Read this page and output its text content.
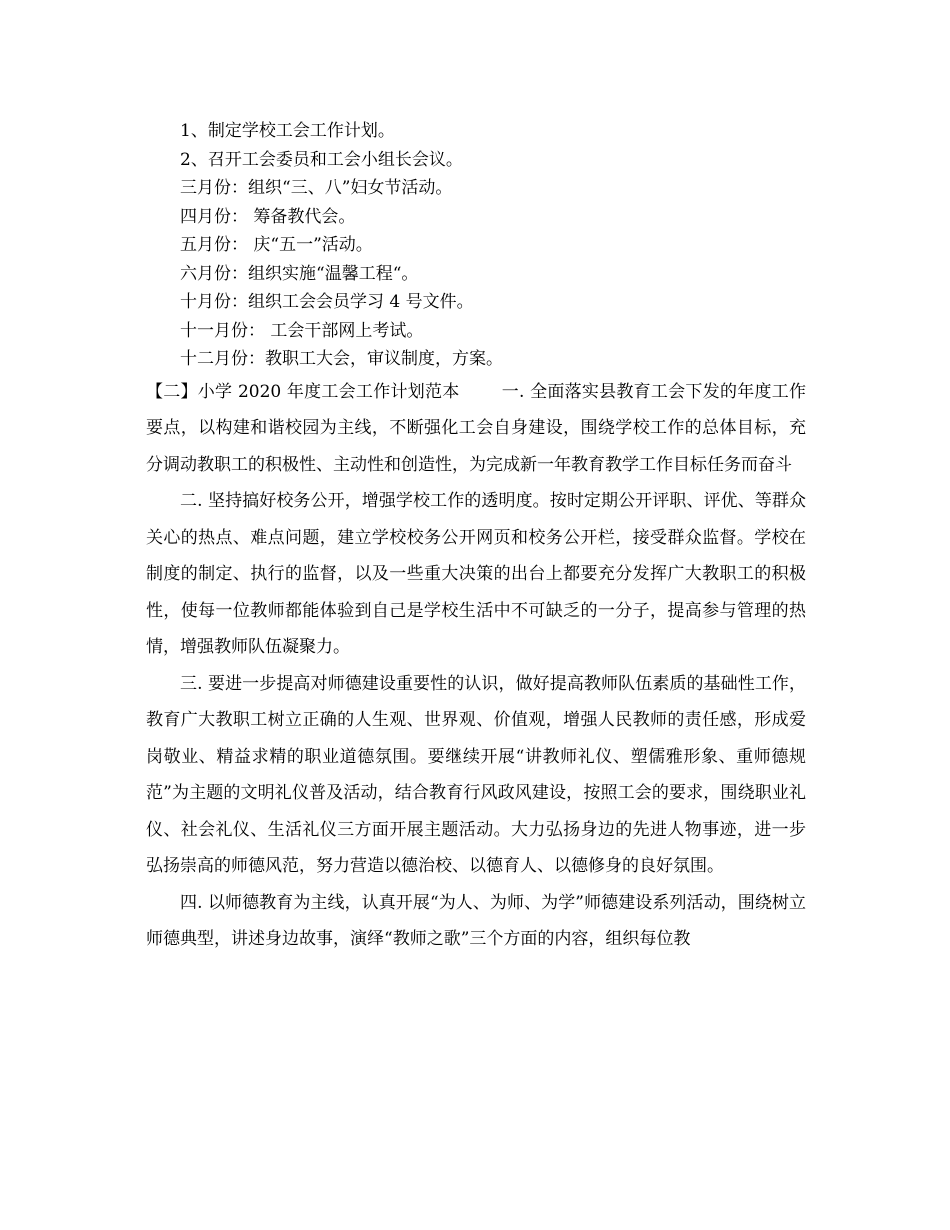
1、制定学校工会工作计划。
2、召开工会委员和工会小组长会议。
三月份：组织“三、八”妇女节活动。
四月份： 筹备教代会。
五月份： 庆“五一”活动。
六月份：组织实施“温馨工程“。
十月份：组织工会会员学习 4 号文件。
十一月份： 工会干部网上考试。
十二月份：教职工大会，审议制度，方案。

【二】小学 2020 年度工会工作计划范本 一. 全面落实县教育工会下发的年度工作要点，以构建和谐校园为主线，不断强化工会自身建设，围绕学校工作的总体目标，充分调动教职工的积极性、主动性和创造性，为完成新一年教育教学工作目标任务而奋斗

二. 坚持搞好校务公开，增强学校工作的透明度。按时定期公开评职、评优、等群众关心的热点、难点问题，建立学校校务公开网页和校务公开栏，接受群众监督。学校在制度的制定、执行的监督，以及一些重大决策的出台上都要充分发挥广大教职工的积极性，使每一位教师都能体验到自己是学校生活中不可缺乏的一分子，提高参与管理的热情，增强教师队伍凝聚力。

三. 要进一步提高对师德建设重要性的认识，做好提高教师队伍素质的基础性工作，教育广大教职工树立正确的人生观、世界观、价值观，增强人民教师的责任感，形成爱岗敬业、精益求精的职业道德氛围。要继续开展“讲教师礼仪、塑儒雅形象、重师德规范”为主题的文明礼仪普及活动，结合教育行风政风建设，按照工会的要求，围绕职业礼仪、社会礼仪、生活礼仪三方面开展主题活动。大力弘扬身边的先进人物事迹，进一步弘扬崇高的师德风范，努力营造以德治校、以德育人、以德修身的良好氛围。

四. 以师德教育为主线，认真开展“为人、为师、为学”师德建设系列活动，围绕树立师德典型，讲述身边故事，演绎“教师之歌”三个方面的内容，组织每位教
